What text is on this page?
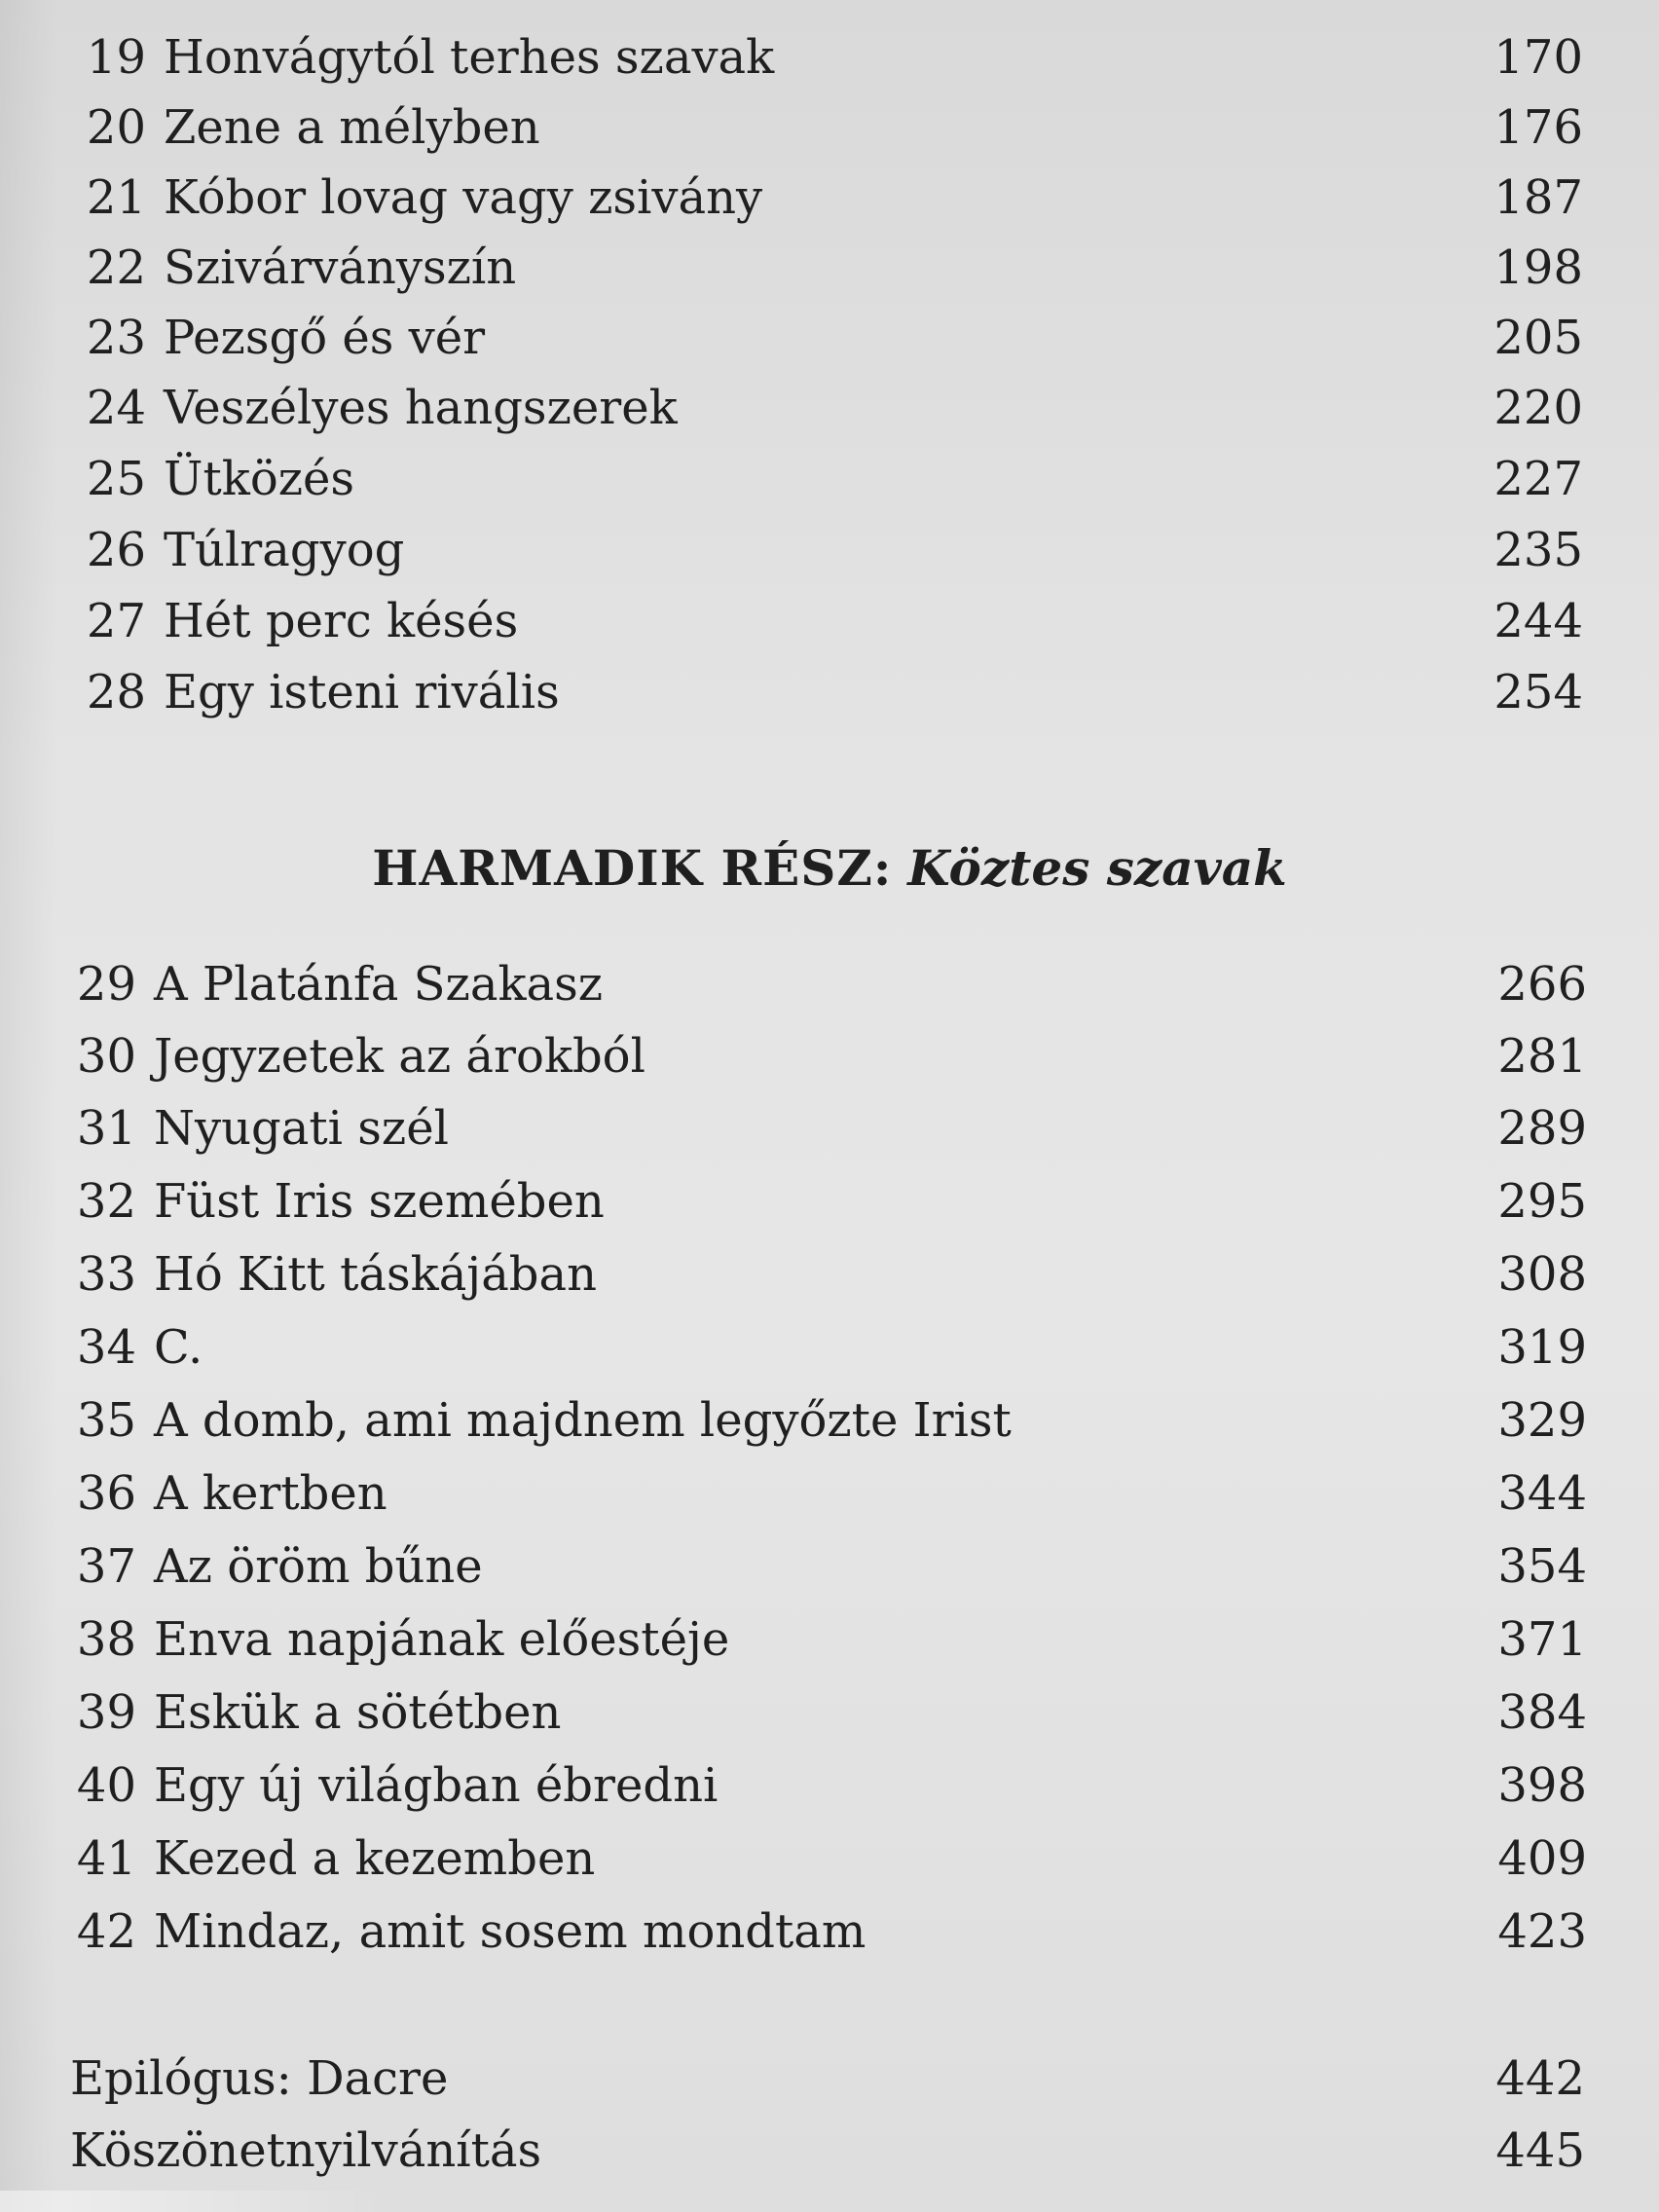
19 Honvágytól terhes szavak	170
20 Zene a mélyben	176
21 Kóbor lovag vagy zsivány	187
22 Szivárványszín	198
23 Pezsgő és vér	205
24 Veszélyes hangszerek	220
25 Ütközés	227
26 Túlragyog	235
27 Hét perc késés	244
28 Egy isteni rivális	254
HARMADIK RÉSZ: Köztes szavak
29 A Platánfa Szakasz	266
30 Jegyzetek az árokból	281
31 Nyugati szél	289
32 Füst Iris szemében	295
33 Hó Kitt táskájában	308
34 C.	319
35 A domb, ami majdnem legyőzte Irist	329
36 A kertben	344
37 Az öröm bűne	354
38 Enva napjának előestéje	371
39 Eskük a sötétben	384
40 Egy új világban ébredni	398
41 Kezed a kezemben	409
42 Mindaz, amit sosem mondtam	423
Epilógus: Dacre	442
Köszönetnyilvánítás	445
